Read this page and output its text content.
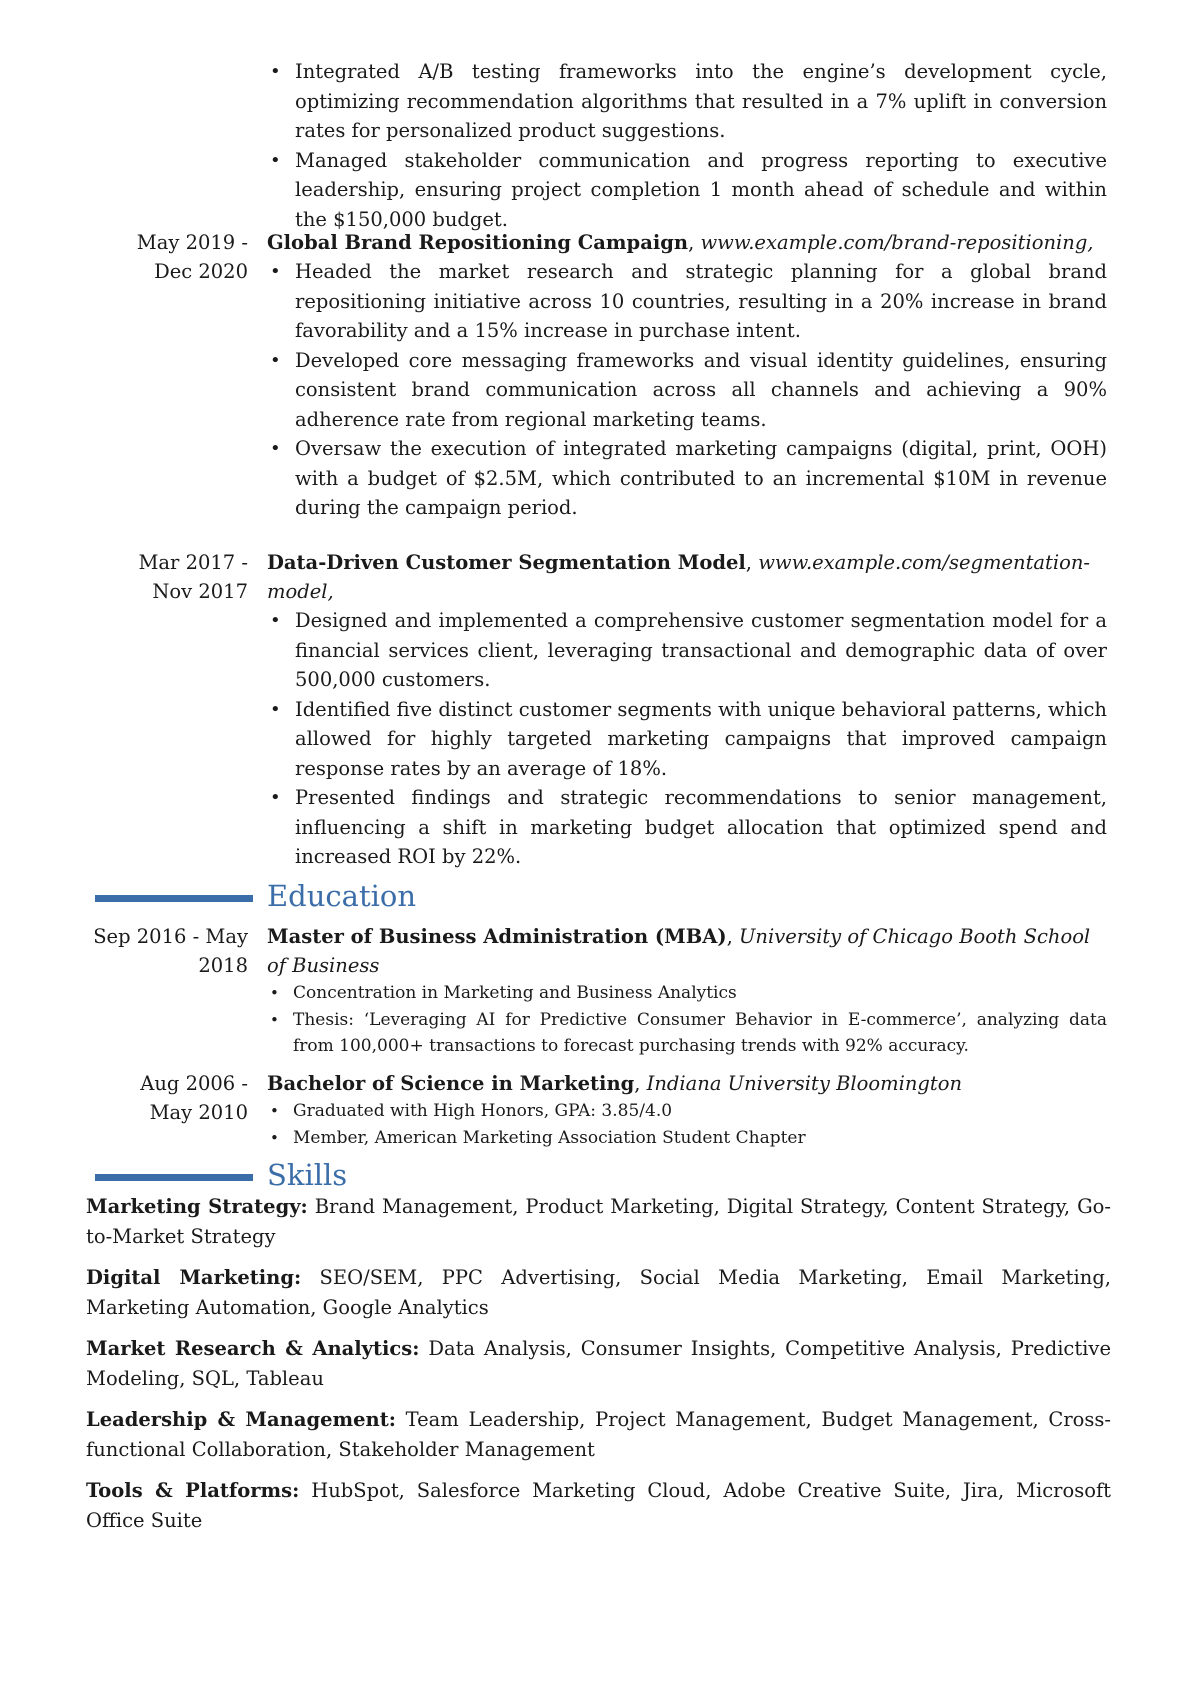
• Integrated A/B testing frameworks into the engine’s development cycle, optimizing recommendation algorithms that resulted in a 7% uplift in conversion rates for personalized product suggestions.
• Managed stakeholder communication and progress reporting to executive leadership, ensuring project completion 1 month ahead of schedule and within the $150,000 budget.
May 2019 -
Dec 2020

Global Brand Repositioning Campaign, www.example.com/brand-repositioning,

• Headed the market research and strategic planning for a global brand repositioning initiative across 10 countries, resulting in a 20% increase in brand favorability and a 15% increase in purchase intent.
• Developed core messaging frameworks and visual identity guidelines, ensuring consistent brand communication across all channels and achieving a 90% adherence rate from regional marketing teams.
• Oversaw the execution of integrated marketing campaigns (digital, print, OOH) with a budget of $2.5M, which contributed to an incremental $10M in revenue during the campaign period.
Mar 2017 -
Nov 2017

Data-Driven Customer Segmentation Model, www.example.com/segmentation-model,

• Designed and implemented a comprehensive customer segmentation model for a financial services client, leveraging transactional and demographic data of over 500,000 customers.
• Identified five distinct customer segments with unique behavioral patterns, which allowed for highly targeted marketing campaigns that improved campaign response rates by an average of 18%.
• Presented findings and strategic recommendations to senior management, influencing a shift in marketing budget allocation that optimized spend and increased ROI by 22%.
Education
Sep 2016 - May
2018

Master of Business Administration (MBA), University of Chicago Booth School of Business

• Concentration in Marketing and Business Analytics
• Thesis: ‘Leveraging AI for Predictive Consumer Behavior in E-commerce’, analyzing data from 100,000+ transactions to forecast purchasing trends with 92% accuracy.
Aug 2006 -
May 2010

Bachelor of Science in Marketing, Indiana University Bloomington

• Graduated with High Honors, GPA: 3.85/4.0
• Member, American Marketing Association Student Chapter
Skills
Marketing Strategy: Brand Management, Product Marketing, Digital Strategy, Content Strategy, Go-to-Market Strategy
Digital Marketing: SEO/SEM, PPC Advertising, Social Media Marketing, Email Marketing, Marketing Automation, Google Analytics
Market Research & Analytics: Data Analysis, Consumer Insights, Competitive Analysis, Predictive Modeling, SQL, Tableau
Leadership & Management: Team Leadership, Project Management, Budget Management, Cross-functional Collaboration, Stakeholder Management
Tools & Platforms: HubSpot, Salesforce Marketing Cloud, Adobe Creative Suite, Jira, Microsoft Office Suite
